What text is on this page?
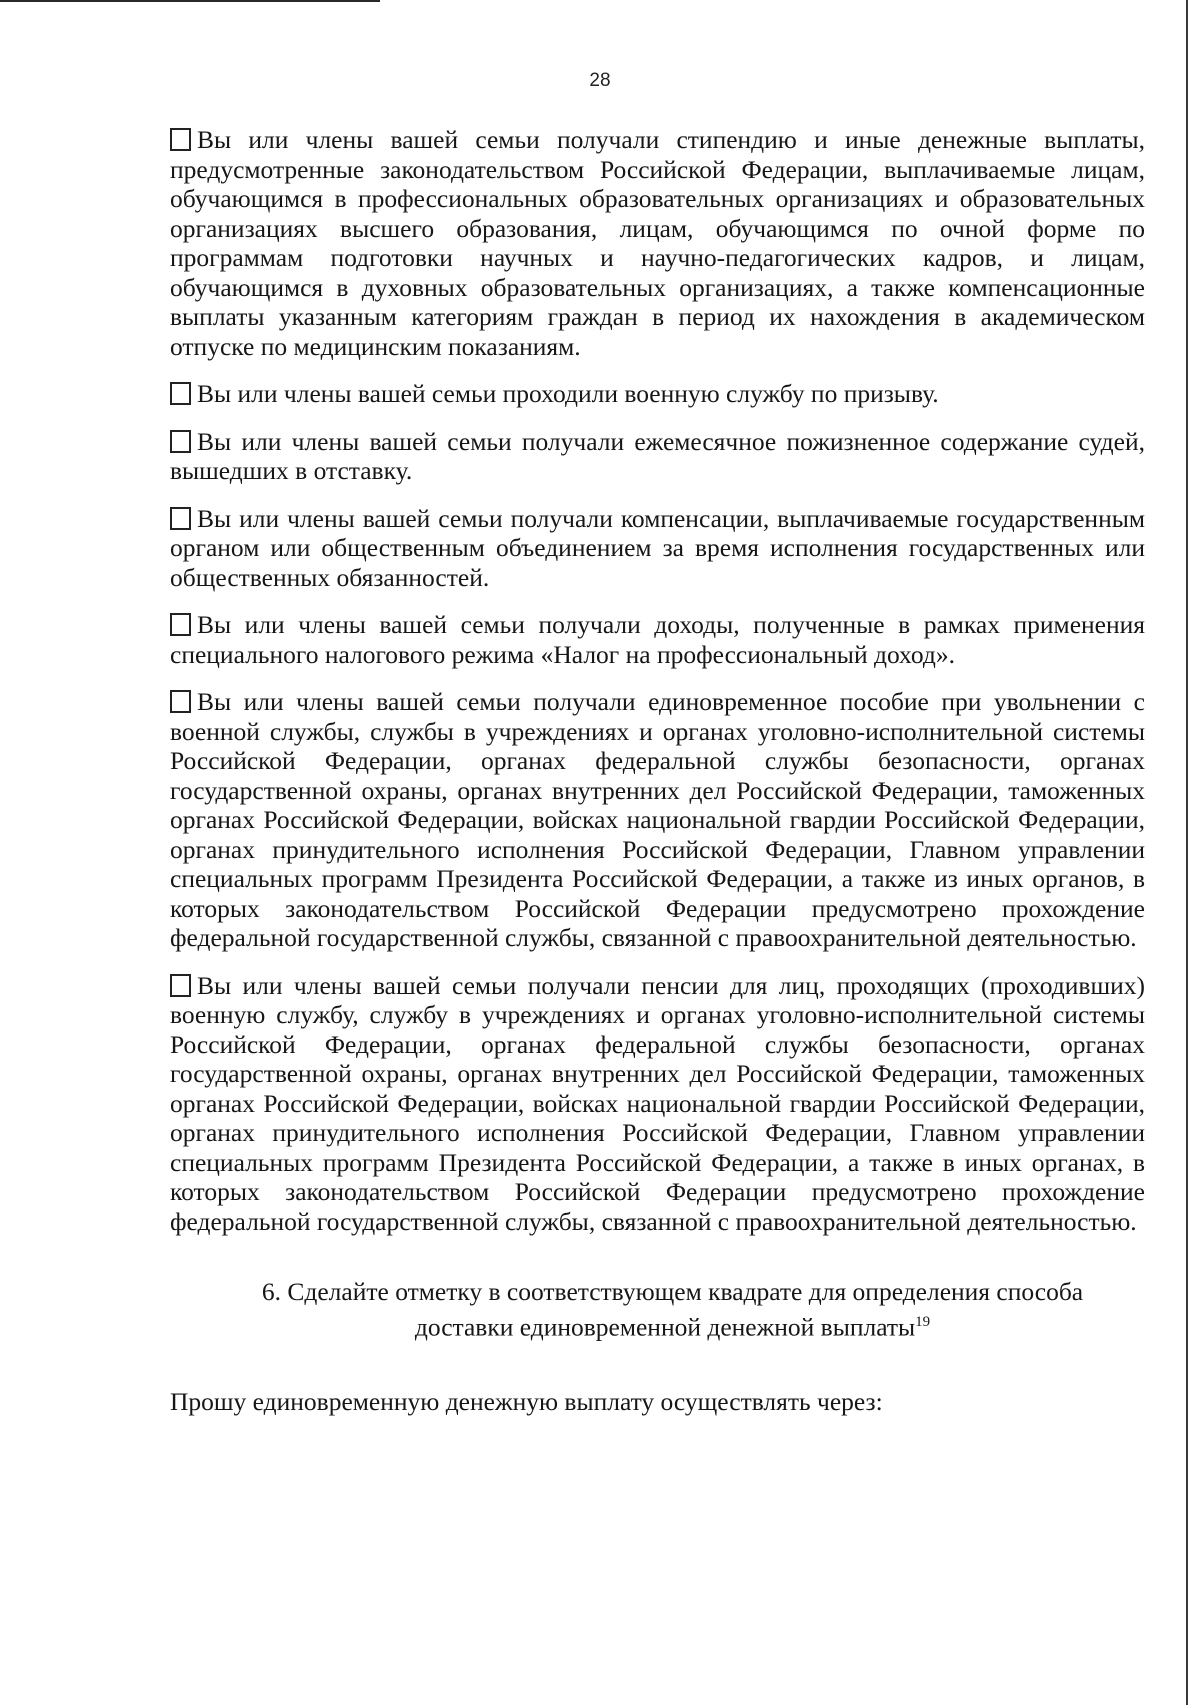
28
Вы или члены вашей семьи получали стипендию и иные денежные выплаты, предусмотренные законодательством Российской Федерации, выплачиваемые лицам, обучающимся в профессиональных образовательных организациях и образовательных организациях высшего образования, лицам, обучающимся по очной форме по программам подготовки научных и научно-педагогических кадров, и лицам, обучающимся в духовных образовательных организациях, а также компенсационные выплаты указанным категориям граждан в период их нахождения в академическом отпуске по медицинским показаниям.
Вы или члены вашей семьи проходили военную службу по призыву.
Вы или члены вашей семьи получали ежемесячное пожизненное содержание судей, вышедших в отставку.
Вы или члены вашей семьи получали компенсации, выплачиваемые государственным органом или общественным объединением за время исполнения государственных или общественных обязанностей.
Вы или члены вашей семьи получали доходы, полученные в рамках применения специального налогового режима «Налог на профессиональный доход».
Вы или члены вашей семьи получали единовременное пособие при увольнении с военной службы, службы в учреждениях и органах уголовно-исполнительной системы Российской Федерации, органах федеральной службы безопасности, органах государственной охраны, органах внутренних дел Российской Федерации, таможенных органах Российской Федерации, войсках национальной гвардии Российской Федерации, органах принудительного исполнения Российской Федерации, Главном управлении специальных программ Президента Российской Федерации, а также из иных органов, в которых законодательством Российской Федерации предусмотрено прохождение федеральной государственной службы, связанной с правоохранительной деятельностью.
Вы или члены вашей семьи получали пенсии для лиц, проходящих (проходивших) военную службу, службу в учреждениях и органах уголовно-исполнительной системы Российской Федерации, органах федеральной службы безопасности, органах государственной охраны, органах внутренних дел Российской Федерации, таможенных органах Российской Федерации, войсках национальной гвардии Российской Федерации, органах принудительного исполнения Российской Федерации, Главном управлении специальных программ Президента Российской Федерации, а также в иных органах, в которых законодательством Российской Федерации предусмотрено прохождение федеральной государственной службы, связанной с правоохранительной деятельностью.
6. Сделайте отметку в соответствующем квадрате для определения способа
доставки единовременной денежной выплаты$^{19}$
Прошу единовременную денежную выплату осуществлять через:
